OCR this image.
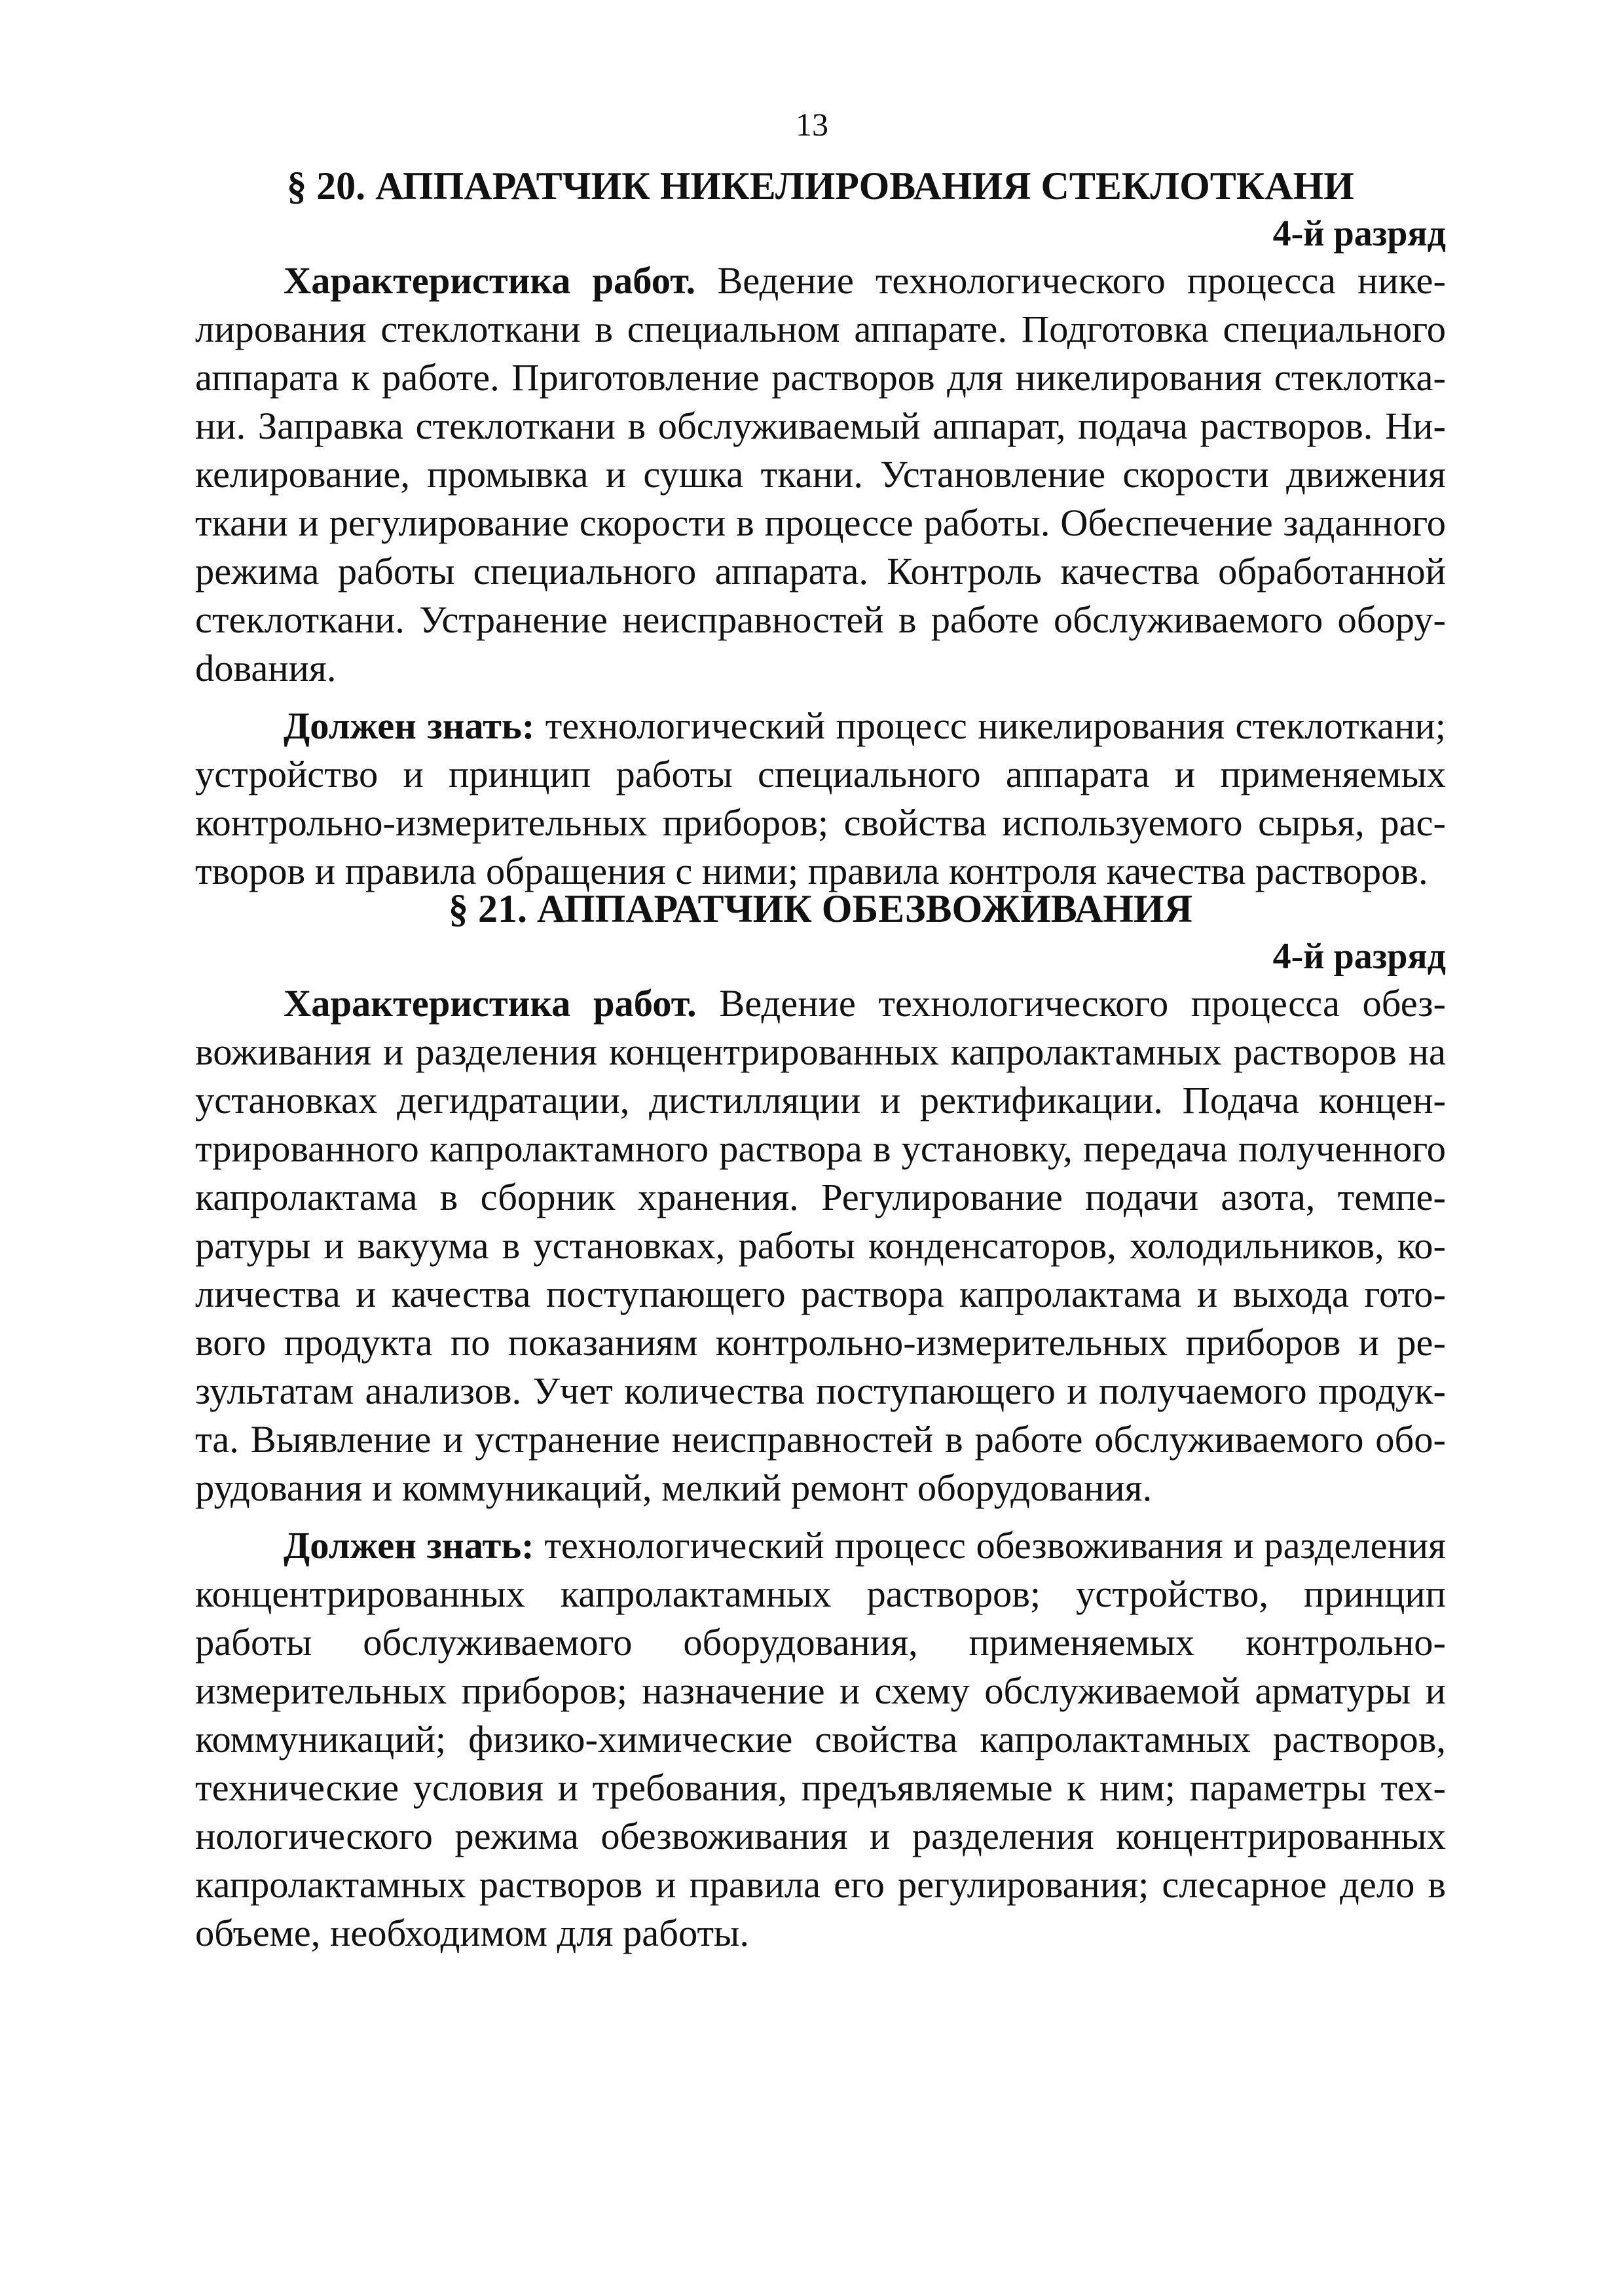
13
§ 20. АППАРАТЧИК НИКЕЛИРОВАНИЯ СТЕКЛОТКАНИ

4-й разряд

Характеристика работ. Ведение технологического процесса никелирования стеклоткани в специальном аппарате. Подготовка специального аппарата к работе. Приготовление растворов для никелирования стеклоткани. Заправка стеклоткани в обслуживаемый аппарат, подача растворов. Никелирование, промывка и сушка ткани. Установление скорости движения ткани и регулирование скорости в процессе работы. Обеспечение заданного режима работы специального аппарата. Контроль качества обработанной стеклоткани. Устранение неисправностей в работе обслуживаемого оборуdования.

Должен знать: технологический процесс никелирования стеклоткани; устройство и принцип работы специального аппарата и применяемых контрольно-измерительных приборов; свойства используемого сырья, растворов и правила обращения с ними; правила контроля качества растворов.

§ 21. АППАРАТЧИК ОБЕЗВОЖИВАНИЯ

4-й разряд

Характеристика работ. Ведение технологического процесса обезвоживания и разделения концентрированных капролактамных растворов на установках дегидратации, дистилляции и ректификации. Подача концентрированного капролактамного раствора в установку, передача полученного капролактама в сборник хранения. Регулирование подачи азота, температуры и вакуума в установках, работы конденсаторов, холодильников, количества и качества поступающего раствора капролактама и выхода готового продукта по показаниям контрольно-измерительных приборов и результатам анализов. Учет количества поступающего и получаемого продукта. Выявление и устранение неисправностей в работе обслуживаемого оборудования и коммуникаций, мелкий ремонт оборудования.

Должен знать: технологический процесс обезвоживания и разделения концентрированных капролактамных растворов; устройство, принцип работы обслуживаемого оборудования, применяемых контрольно-измерительных приборов; назначение и схему обслуживаемой арматуры и коммуникаций; физико-химические свойства капролактамных растворов, технические условия и требования, предъявляемые к ним; параметры технологического режима обезвоживания и разделения концентрированных капролактамных растворов и правила его регулирования; слесарное дело в объеме, необходимом для работы.
